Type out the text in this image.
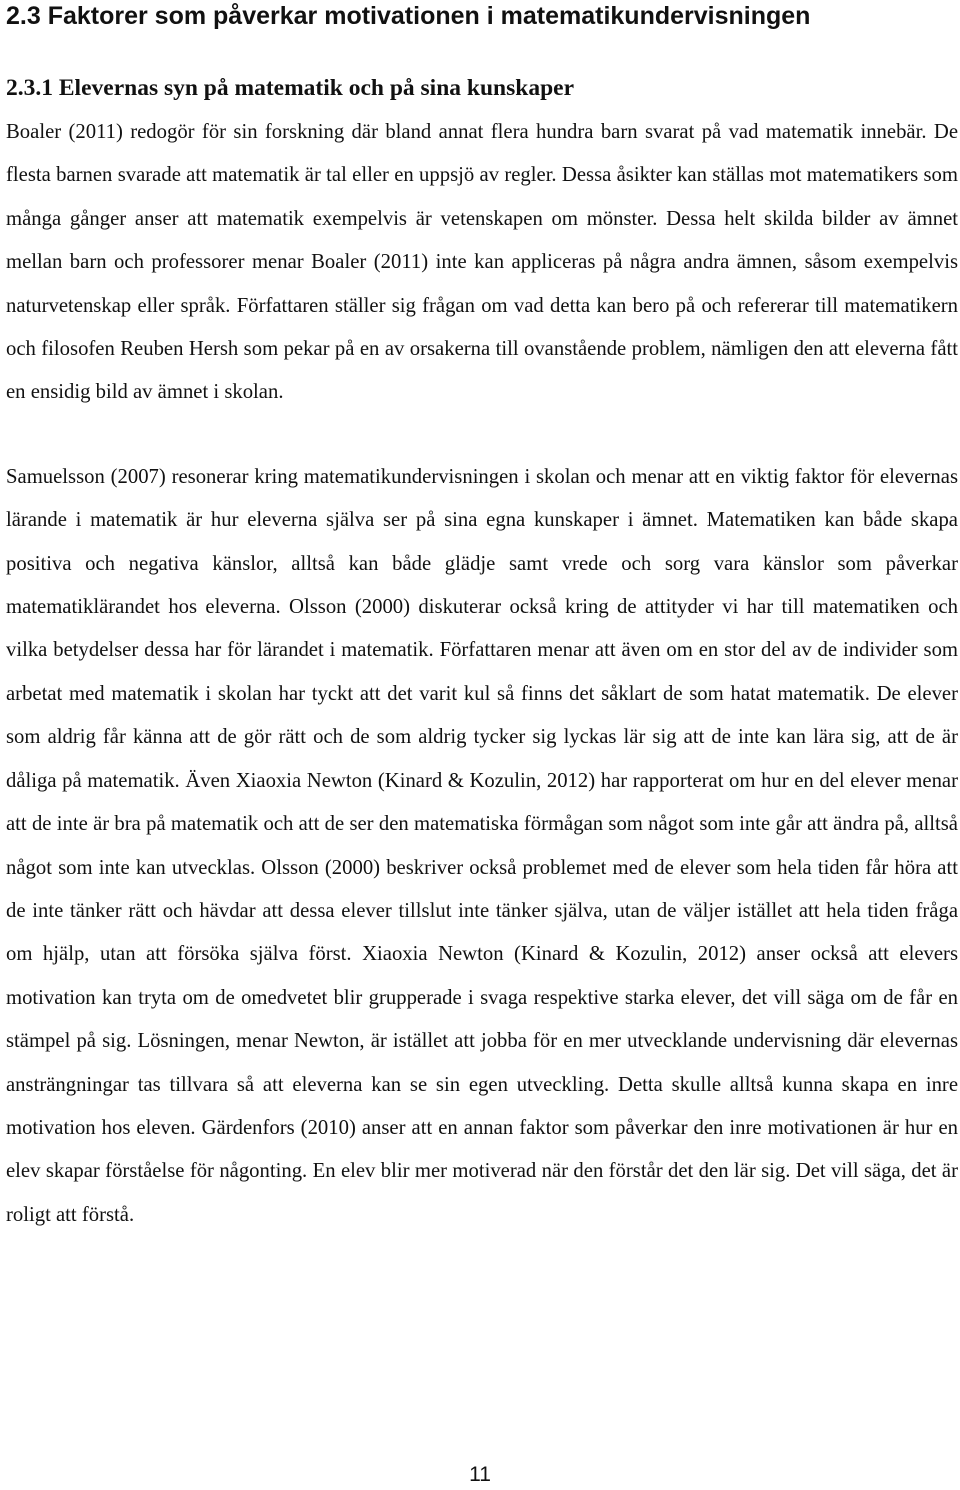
2.3 Faktorer som påverkar motivationen i matematikundervisningen
2.3.1 Elevernas syn på matematik och på sina kunskaper

Boaler (2011) redogör för sin forskning där bland annat flera hundra barn svarat på vad matematik innebär. De flesta barnen svarade att matematik är tal eller en uppsjö av regler. Dessa åsikter kan ställas mot matematikers som många gånger anser att matematik exempelvis är vetenskapen om mönster. Dessa helt skilda bilder av ämnet mellan barn och professorer menar Boaler (2011) inte kan appliceras på några andra ämnen, såsom exempelvis naturvetenskap eller språk. Författaren ställer sig frågan om vad detta kan bero på och refererar till matematikern och filosofen Reuben Hersh som pekar på en av orsakerna till ovanstående problem, nämligen den att eleverna fått en ensidig bild av ämnet i skolan.

Samuelsson (2007) resonerar kring matematikundervisningen i skolan och menar att en viktig faktor för elevernas lärande i matematik är hur eleverna själva ser på sina egna kunskaper i ämnet. Matematiken kan både skapa positiva och negativa känslor, alltså kan både glädje samt vrede och sorg vara känslor som påverkar matematiklärandet hos eleverna. Olsson (2000) diskuterar också kring de attityder vi har till matematiken och vilka betydelser dessa har för lärandet i matematik. Författaren menar att även om en stor del av de individer som arbetat med matematik i skolan har tyckt att det varit kul så finns det såklart de som hatat matematik. De elever som aldrig får känna att de gör rätt och de som aldrig tycker sig lyckas lär sig att de inte kan lära sig, att de är dåliga på matematik. Även Xiaoxia Newton (Kinard & Kozulin, 2012) har rapporterat om hur en del elever menar att de inte är bra på matematik och att de ser den matematiska förmågan som något som inte går att ändra på, alltså något som inte kan utvecklas. Olsson (2000) beskriver också problemet med de elever som hela tiden får höra att de inte tänker rätt och hävdar att dessa elever tillslut inte tänker själva, utan de väljer istället att hela tiden fråga om hjälp, utan att försöka själva först. Xiaoxia Newton (Kinard & Kozulin, 2012) anser också att elevers motivation kan tryta om de omedvetet blir grupperade i svaga respektive starka elever, det vill säga om de får en stämpel på sig. Lösningen, menar Newton, är istället att jobba för en mer utvecklande undervisning där elevernas ansträngningar tas tillvara så att eleverna kan se sin egen utveckling. Detta skulle alltså kunna skapa en inre motivation hos eleven. Gärdenfors (2010) anser att en annan faktor som påverkar den inre motivationen är hur en elev skapar förståelse för någonting. En elev blir mer motiverad när den förstår det den lär sig. Det vill säga, det är roligt att förstå.

11
